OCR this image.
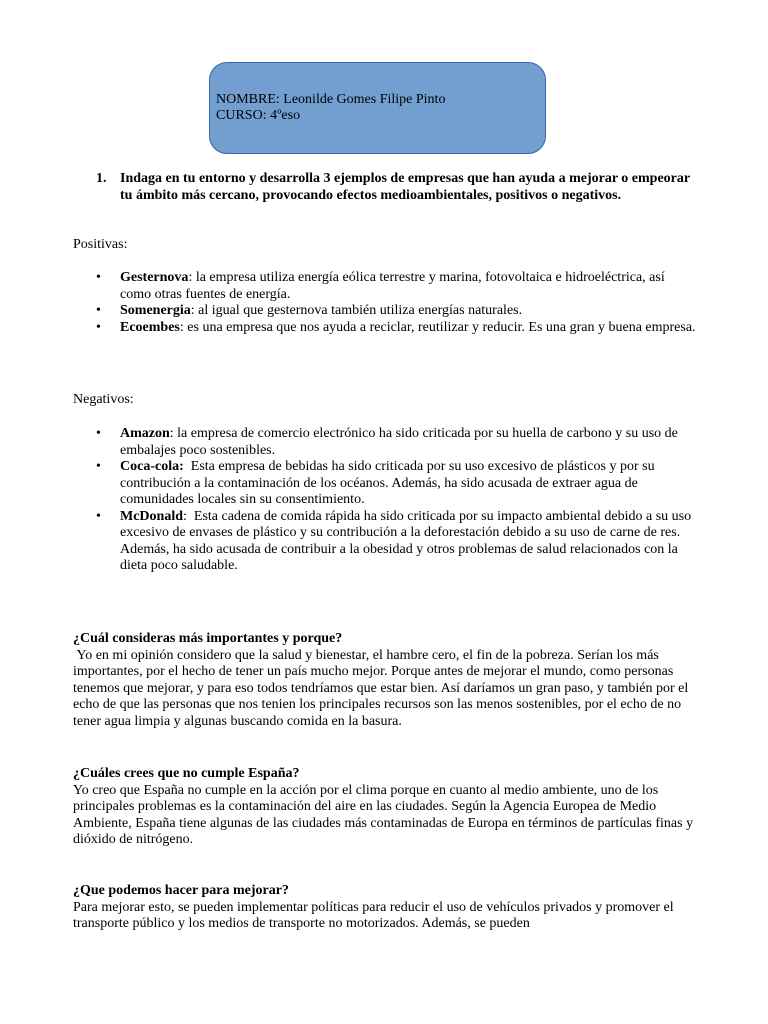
NOMBRE: Leonilde Gomes Filipe Pinto
CURSO: 4ºeso
1. Indaga en tu entorno y desarrolla 3 ejemplos de empresas que han ayuda a mejorar o empeorar tu ámbito más cercano, provocando efectos medioambientales, positivos o negativos.
Positivas:
• Gesternova: la empresa utiliza energía eólica terrestre y marina, fotovoltaica e hidroeléctrica, así como otras fuentes de energía.
• Somenergia: al igual que gesternova también utiliza energías naturales.
• Ecoembes: es una empresa que nos ayuda a reciclar, reutilizar y reducir. Es una gran y buena empresa.
Negativos:
• Amazon: la empresa de comercio electrónico ha sido criticada por su huella de carbono y su uso de embalajes poco sostenibles.
• Coca-cola:  Esta empresa de bebidas ha sido criticada por su uso excesivo de plásticos y por su contribución a la contaminación de los océanos. Además, ha sido acusada de extraer agua de comunidades locales sin su consentimiento.
• McDonald:  Esta cadena de comida rápida ha sido criticada por su impacto ambiental debido a su uso excesivo de envases de plástico y su contribución a la deforestación debido a su uso de carne de res. Además, ha sido acusada de contribuir a la obesidad y otros problemas de salud relacionados con la dieta poco saludable.
¿Cuál consideras más importantes y porque?
Yo en mi opinión considero que la salud y bienestar, el hambre cero, el fin de la pobreza. Serían los más importantes, por el hecho de tener un país mucho mejor. Porque antes de mejorar el mundo, como personas tenemos que mejorar, y para eso todos tendríamos que estar bien. Así daríamos un gran paso, y también por el echo de que las personas que nos tenien los principales recursos son las menos sostenibles, por el echo de no tener agua limpia y algunas buscando comida en la basura.
¿Cuáles crees que no cumple España?
Yo creo que España no cumple en la acción por el clima porque en cuanto al medio ambiente, uno de los principales problemas es la contaminación del aire en las ciudades. Según la Agencia Europea de Medio Ambiente, España tiene algunas de las ciudades más contaminadas de Europa en términos de partículas finas y dióxido de nitrógeno.
¿Que podemos hacer para mejorar?
Para mejorar esto, se pueden implementar políticas para reducir el uso de vehículos privados y promover el transporte público y los medios de transporte no motorizados. Además, se pueden
